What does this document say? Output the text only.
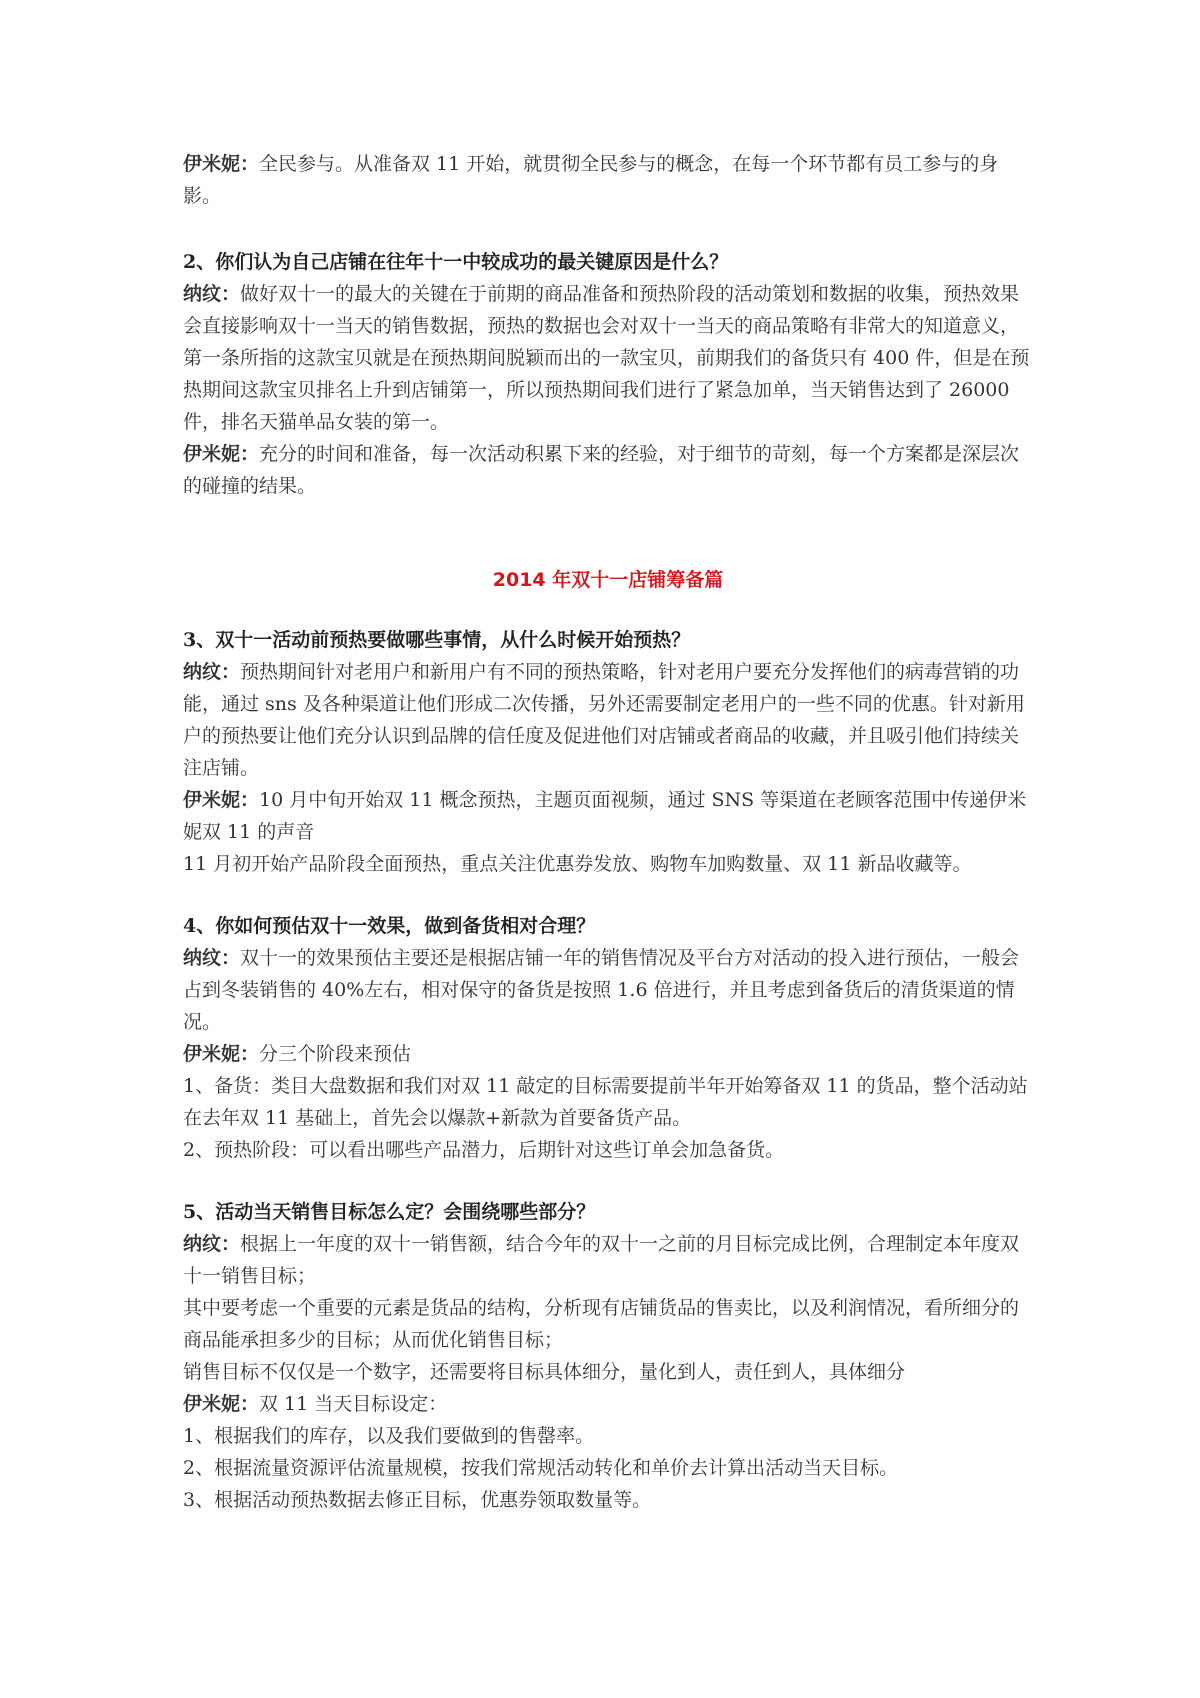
伊米妮：全民参与。从准备双 11 开始，就贯彻全民参与的概念，在每一个环节都有员工参与的身影。

2、你们认为自己店铺在往年十一中较成功的最关键原因是什么？

纳纹：做好双十一的最大的关键在于前期的商品准备和预热阶段的活动策划和数据的收集，预热效果会直接影响双十一当天的销售数据，预热的数据也会对双十一当天的商品策略有非常大的知道意义，第一条所指的这款宝贝就是在预热期间脱颖而出的一款宝贝，前期我们的备货只有 400 件，但是在预热期间这款宝贝排名上升到店铺第一，所以预热期间我们进行了紧急加单，当天销售达到了 26000 件，排名天猫单品女装的第一。

伊米妮：充分的时间和准备，每一次活动积累下来的经验，对于细节的苛刻，每一个方案都是深层次的碰撞的结果。

2014 年双十一店铺筹备篇

3、双十一活动前预热要做哪些事情，从什么时候开始预热？

纳纹：预热期间针对老用户和新用户有不同的预热策略，针对老用户要充分发挥他们的病毒营销的功能，通过 sns 及各种渠道让他们形成二次传播，另外还需要制定老用户的一些不同的优惠。针对新用户的预热要让他们充分认识到品牌的信任度及促进他们对店铺或者商品的收藏，并且吸引他们持续关注店铺。

伊米妮：10 月中旬开始双 11 概念预热，主题页面视频，通过 SNS 等渠道在老顾客范围中传递伊米妮双 11 的声音

11 月初开始产品阶段全面预热，重点关注优惠券发放、购物车加购数量、双 11 新品收藏等。

4、你如何预估双十一效果，做到备货相对合理？

纳纹：双十一的效果预估主要还是根据店铺一年的销售情况及平台方对活动的投入进行预估，一般会占到冬装销售的 40%左右，相对保守的备货是按照 1.6 倍进行，并且考虑到备货后的清货渠道的情况。

伊米妮：分三个阶段来预估

1、备货：类目大盘数据和我们对双 11 敲定的目标需要提前半年开始筹备双 11 的货品，整个活动站在去年双 11 基础上，首先会以爆款+新款为首要备货产品。

2、预热阶段：可以看出哪些产品潜力，后期针对这些订单会加急备货。

5、活动当天销售目标怎么定？会围绕哪些部分？

纳纹：根据上一年度的双十一销售额，结合今年的双十一之前的月目标完成比例，合理制定本年度双十一销售目标；

其中要考虑一个重要的元素是货品的结构，分析现有店铺货品的售卖比，以及利润情况，看所细分的商品能承担多少的目标；从而优化销售目标；

销售目标不仅仅是一个数字，还需要将目标具体细分，量化到人，责任到人，具体细分

伊米妮：双 11 当天目标设定：

1、根据我们的库存，以及我们要做到的售罄率。

2、根据流量资源评估流量规模，按我们常规活动转化和单价去计算出活动当天目标。

3、根据活动预热数据去修正目标，优惠券领取数量等。
